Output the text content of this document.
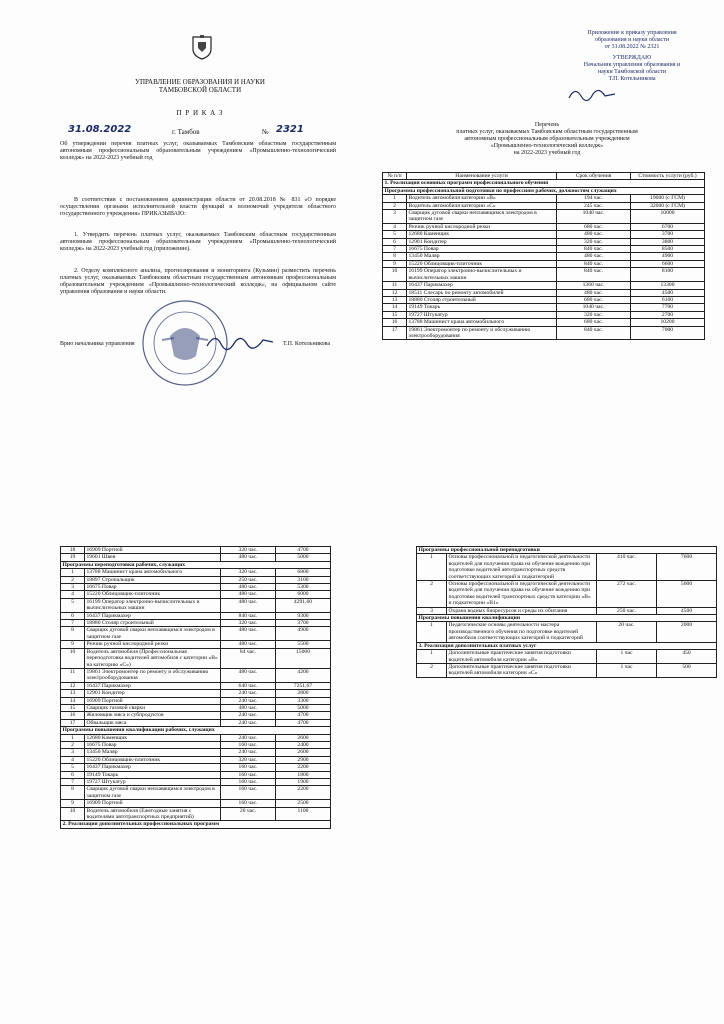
УПРАВЛЕНИЕ ОБРАЗОВАНИЯ И НАУКИ
ТАМБОВСКОЙ ОБЛАСТИ
П Р И К А З
31.08.2022	г. Тамбов	№ 2321
Об утверждении перечня платных услуг, оказываемых Тамбовским областным государственным автономным профессиональным образовательным учреждением «Промышленно-технологический колледж» на 2022-2023 учебный год
В соответствии с постановлением администрации области от 20.08.2018 № 831 «О порядке осуществления органами исполнительной власти функций и полномочий учредителя областного государственного учреждения» ПРИКАЗЫВАЮ:
1. Утвердить перечень платных услуг, оказываемых Тамбовским областным государственным автономным профессиональным образовательным учреждением «Промышленно-технологический колледж» на 2022-2023 учебный год (приложение).
2. Отделу комплексного анализа, прогнозирования и мониторинга (Кузьмин) разместить перечень платных услуг, оказываемых Тамбовским областным государственным автономным профессиональным образовательным учреждением «Промышленно-технологический колледж», на официальном сайте управления образования и науки области.
Врио начальника управления	Т.П. Котельникова
Приложение к приказу управления
образования и науки области
от 31.08.2022 № 2321
УТВЕРЖДАЮ
Начальник управления образования и
науки Тамбовской области
Т.П. Котельникова
Перечень
платных услуг, оказываемых Тамбовским областным государственным
автономным профессиональным образовательным учреждением
«Промышленно-технологический колледж»
на 2022-2023 учебный год
№ п/п	Наименование услуги	Срок обучения	Стоимость услуги (руб.)
1. Реализация основных программ профессионального обучения			
Программы профессиональной подготовки по профессиям рабочих, должностям служащих			
1	Водитель автомобиля категории «В»	194 час.	19000 (с ГСМ)
2	Водитель автомобиля категории «С»	245 час.	32000 (с ГСМ)
3	Сварщик дуговой сварки неплавящимся электродом в защитном газе	1040 час.	10000
4	Резчик ручной кислородной резки	680 час.	6700
5	12680 Каменщик	480 час.	3700
6	12901 Кондитер	320 час.	3800
7	16675 Повар	840 час.	8500
8	13450 Маляр	480 час.	4900
9	15220 Облицовщик-плиточник	840 час.	6600
10	16199 Оператор электронно-вычислительных и вычислительных машин	840 час.	8100
11	16437 Парикмахер	1360 час.	13300
12	18511 Слесарь по ремонту автомобилей	480 час.	4500
13	18880 Столяр строительный	680 час.	6100
14	19149 Токарь	1040 час.	7700
15	19727 Штукатур	320 час.	2700
16	13788 Машинист крана автомобильного	680 час.	10200
17	19861 Электромонтер по ремонту и обслуживанию электрооборудования	840 час.	7000
18	16909 Портной	320 час.	4700
19	19601 Швея	480 час.	5000
Программы переподготовки рабочих, служащих			
1	13788 Машинист крана автомобильного	320 час.	6800
2	18897 Стропальщик	250 час.	3100
3	16675 Повар	480 час.	5300
4	15220 Облицовщик-плиточник	480 час.	6000
5	16199 Оператор электронно-вычислительных и вычислительных машин	480 час.	4291,60
6	16437 Парикмахер	840 час.	9300
7	18880 Столяр строительный	320 час.	3700
8	Сварщик дуговой сварки неплавящимся электродом в защитном газе	480 час.	4900
9	Резчик ручной кислородной резки	480 час.	5500
10	Водитель автомобиля (Профессиональная переподготовка водителей автомобиля с категории «В» на категорию «С»)	84 час.	15000
11	19861 Электромонтер по ремонту и обслуживанию электрооборудования	480 час.	4200
12	16437 Парикмахер	640 час.	7251,67
13	12901 Кондитер	240 час.	2800
14	16909 Портной	240 час.	3300
15	Сварщик газовой сварки	480 час.	5000
16	Жиловщик мяса и субпродуктов	240 час.	4700
17	Обвальщик мяса	240 час.	4700
Программы повышения квалификации рабочих, служащих			
1	12680 Каменщик	240 час.	2600
2	16675 Повар	160 час.	2400
3	13450 Маляр	240 час.	2600
4	15220 Облицовщик-плиточник	320 час.	2900
5	16437 Парикмахер	160 час.	2200
6	19149 Токарь	160 час.	1800
7	19727 Штукатур	160 час.	1900
8	Сварщик дуговой сварки неплавящимся электродом в защитном газе	160 час.	2200
9	16909 Портной	160 час.	2500
10	Водитель автомобиля (Ежегодные занятия с водителями автотранспортных предприятий)	20 час.	1100
2. Реализация дополнительных профессиональных программ			
Программы профессиональной переподготовки			
1	Основы профессиональной и педагогической деятельности водителей для получения права на обучение вождению при подготовке водителей автотранспортных средств соответствующих категорий и подкатегорий	410 час.	7600
2	Основы профессиональной и педагогической деятельности водителей для получения права на обучение вождению при подготовке водителей транспортных средств категории «В» и подкатегории «В1»	272 час.	5000
3	Охрана водных биоресурсов и среды их обитания	250 час.	4500
Программы повышения квалификации			
1	Педагогические основы деятельности мастера производственного обучения по подготовке водителей автомобиля соответствующих категорий и подкатегорий	20 час.	2000
3. Реализация дополнительных платных услуг			
1	Дополнительные практические занятия подготовки водителей автомобиля категории «В»	1 час	450
2	Дополнительные практические занятия подготовки водителей автомобиля категории «С»	1 час	500
